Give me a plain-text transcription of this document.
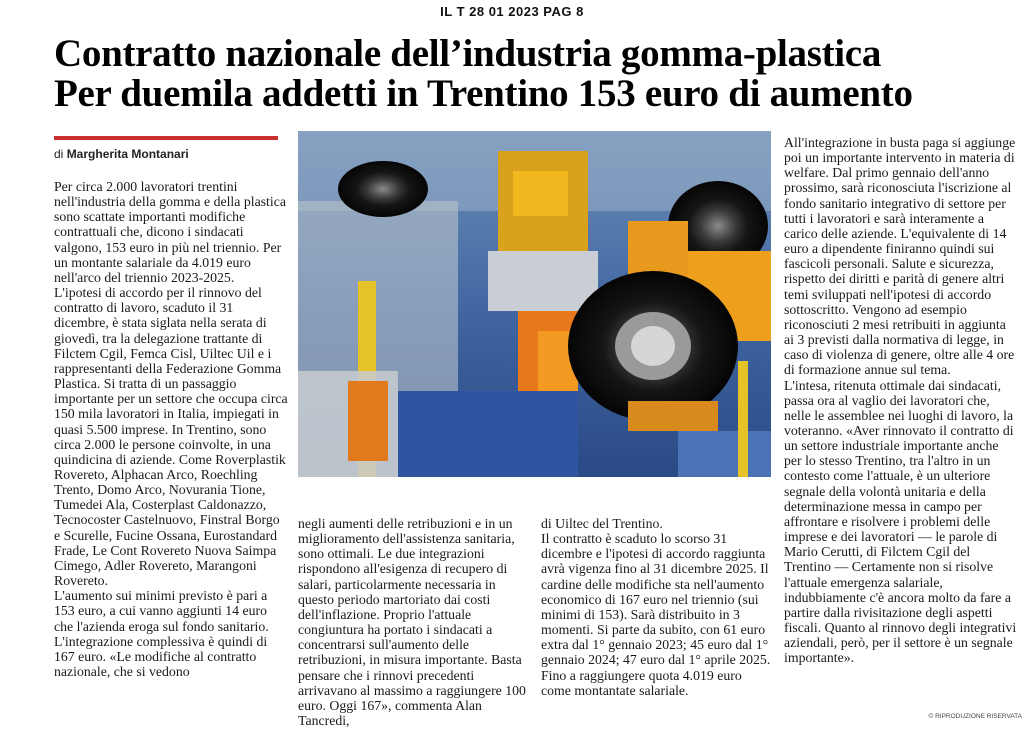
IL T 28 01 2023 PAG 8
Contratto nazionale dell’industria gomma-plastica
Per duemila addetti in Trentino 153 euro di aumento
di Margherita Montanari

Per circa 2.000 lavoratori trentini nell'industria della gomma e della plastica sono scattate importanti modifiche contrattuali che, dicono i sindacati valgono, 153 euro in più nel triennio. Per un montante salariale da 4.019 euro nell'arco del triennio 2023-2025.

L'ipotesi di accordo per il rinnovo del contratto di lavoro, scaduto il 31 dicembre, è stata siglata nella serata di giovedì, tra la delegazione trattante di Filctem Cgil, Femca Cisl, Uiltec Uil e i rappresentanti della Federazione Gomma Plastica. Si tratta di un passaggio importante per un settore che occupa circa 150 mila lavoratori in Italia, impiegati in quasi 5.500 imprese. In Trentino, sono circa 2.000 le persone coinvolte, in una quindicina di aziende. Come Roverplastik Rovereto, Alphacan Arco, Roechling Trento, Domo Arco, Novurania Tione, Tumedei Ala, Costerplast Caldonazzo, Tecnocoster Castelnuovo, Finstral Borgo e Scurelle, Fucine Ossana, Eurostandard Frade, Le Cont Rovereto Nuova Saimpa Cimego, Adler Rovereto, Marangoni Rovereto.

L'aumento sui minimi previsto è pari a 153 euro, a cui vanno aggiunti 14 euro che l'azienda eroga sul fondo sanitario. L'integrazione complessiva è quindi di 167 euro. «Le modifiche al contratto nazionale, che si vedono

negli aumenti delle retribuzioni e in un miglioramento dell'assistenza sanitaria, sono ottimali. Le due integrazioni rispondono all'esigenza di recupero di salari, particolarmente necessaria in questo periodo martoriato dai costi dell'inflazione. Proprio l'attuale congiuntura ha portato i sindacati a concentrarsi sull'aumento delle retribuzioni, in misura importante. Basta pensare che i rinnovi precedenti arrivavano al massimo a raggiungere 100 euro. Oggi 167», commenta Alan Tancredi,

di Uiltec del Trentino.

Il contratto è scaduto lo scorso 31 dicembre e l'ipotesi di accordo raggiunta avrà vigenza fino al 31 dicembre 2025. Il cardine delle modifiche sta nell'aumento economico di 167 euro nel triennio (sui minimi di 153). Sarà distribuito in 3 momenti. Si parte da subito, con 61 euro extra dal 1° gennaio 2023; 45 euro dal 1° gennaio 2024; 47 euro dal 1° aprile 2025. Fino a raggiungere quota 4.019 euro come montantate salariale.

All'integrazione in busta paga si aggiunge poi un importante intervento in materia di welfare. Dal primo gennaio dell'anno prossimo, sarà riconosciuta l'iscrizione al fondo sanitario integrativo di settore per tutti i lavoratori e sarà interamente a carico delle aziende. L'equivalente di 14 euro a dipendente finiranno quindi sui fascicoli personali. Salute e sicurezza, rispetto dei diritti e parità di genere altri temi sviluppati nell'ipotesi di accordo sottoscritto. Vengono ad esempio riconosciuti 2 mesi retribuiti in aggiunta ai 3 previsti dalla normativa di legge, in caso di violenza di genere, oltre alle 4 ore di formazione annue sul tema.

L'intesa, ritenuta ottimale dai sindacati, passa ora al vaglio dei lavoratori che, nelle le assemblee nei luoghi di lavoro, la voteranno. «Aver rinnovato il contratto di un settore industriale importante anche per lo stesso Trentino, tra l'altro in un contesto come l'attuale, è un ulteriore segnale della volontà unitaria e della determinazione messa in campo per affrontare e risolvere i problemi delle imprese e dei lavoratori — le parole di Mario Cerutti, di Filctem Cgil del Trentino — Certamente non si risolve l'attuale emergenza salariale, indubbiamente c'è ancora molto da fare a partire dalla rivisitazione degli aspetti fiscali. Quanto al rinnovo degli integrativi aziendali, però, per il settore è un segnale importante».

© RIPRODUZIONE RISERVATA
